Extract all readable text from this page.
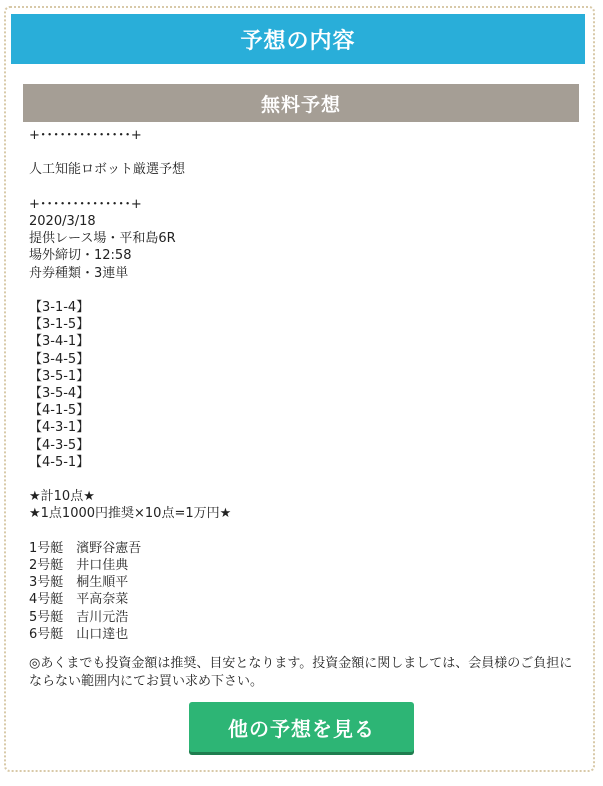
予想の内容
無料予想
+･･････････････+
人工知能ロボット厳選予想
+･･････････････+
2020/3/18
提供レース場・平和島6R
場外締切・12:58
舟券種類・3連単
【3-1-4】
【3-1-5】
【3-4-1】
【3-4-5】
【3-5-1】
【3-5-4】
【4-1-5】
【4-3-1】
【4-3-5】
【4-5-1】
★計10点★
★1点1000円推奨×10点=1万円★
1号艇　濱野谷憲吾
2号艇　井口佳典
3号艇　桐生順平
4号艇　平高奈菜
5号艇　吉川元浩
6号艇　山口達也
◎あくまでも投資金額は推奨、目安となります。投資金額に関しましては、会員様のご負担にならない範囲内にてお買い求め下さい。
他の予想を見る
